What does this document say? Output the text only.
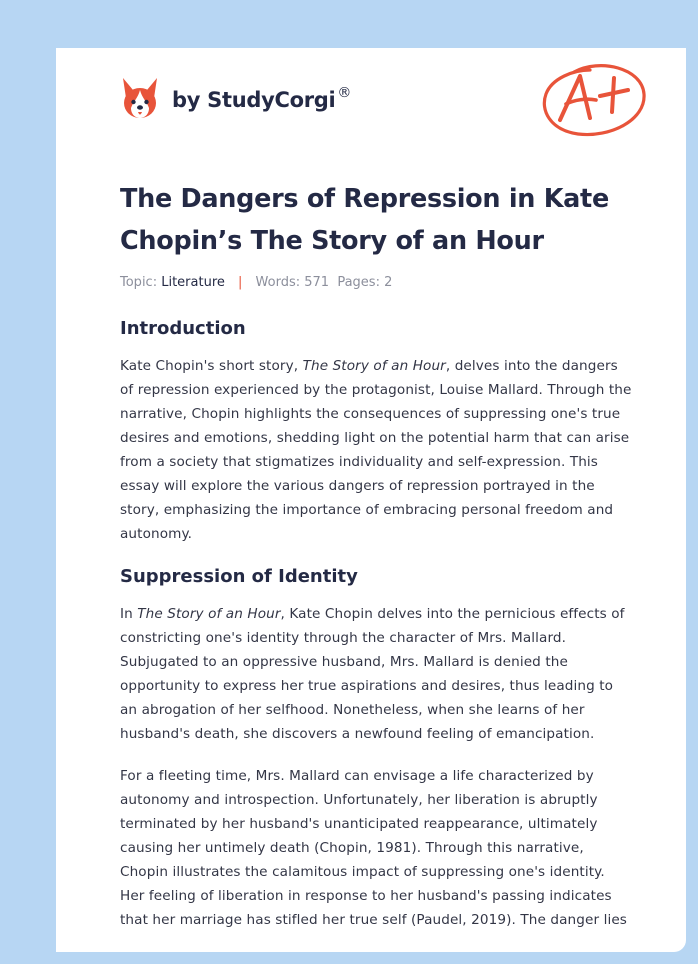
by StudyCorgi ®
The Dangers of Repression in Kate Chopin’s The Story of an Hour
Topic: Literature | Words: 571 Pages: 2
Introduction

Kate Chopin's short story, The Story of an Hour, delves into the dangers of repression experienced by the protagonist, Louise Mallard. Through the narrative, Chopin highlights the consequences of suppressing one's true desires and emotions, shedding light on the potential harm that can arise from a society that stigmatizes individuality and self-expression. This essay will explore the various dangers of repression portrayed in the story, emphasizing the importance of embracing personal freedom and autonomy.

Suppression of Identity

In The Story of an Hour, Kate Chopin delves into the pernicious effects of constricting one's identity through the character of Mrs. Mallard. Subjugated to an oppressive husband, Mrs. Mallard is denied the opportunity to express her true aspirations and desires, thus leading to an abrogation of her selfhood. Nonetheless, when she learns of her husband's death, she discovers a newfound feeling of emancipation.

For a fleeting time, Mrs. Mallard can envisage a life characterized by autonomy and introspection. Unfortunately, her liberation is abruptly terminated by her husband's unanticipated reappearance, ultimately causing her untimely death (Chopin, 1981). Through this narrative, Chopin illustrates the calamitous impact of suppressing one's identity. Her feeling of liberation in response to her husband's passing indicates that her marriage has stifled her true self (Paudel, 2019). The danger lies
